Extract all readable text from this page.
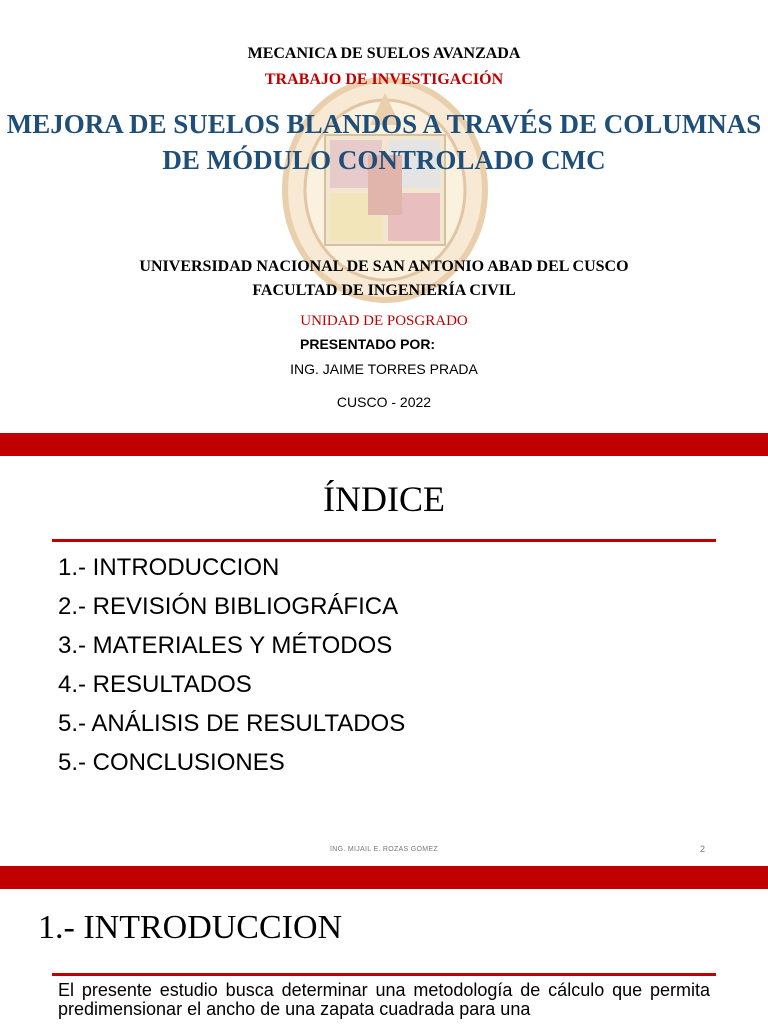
MECANICA DE SUELOS AVANZADA
TRABAJO DE INVESTIGACIÓN
MEJORA DE SUELOS BLANDOS A TRAVÉS DE COLUMNAS
DE MÓDULO CONTROLADO CMC
UNIVERSIDAD NACIONAL DE SAN ANTONIO ABAD DEL CUSCO
FACULTAD DE INGENIERÍA CIVIL
UNIDAD DE POSGRADO
PRESENTADO POR:
ING. JAIME TORRES PRADA
CUSCO - 2022
ÍNDICE
1.- INTRODUCCION
2.- REVISIÓN BIBLIOGRÁFICA
3.- MATERIALES Y MÉTODOS
4.- RESULTADOS
5.- ANÁLISIS DE RESULTADOS
5.- CONCLUSIONES
ING. MIJAIL E. ROZAS GOMEZ	2
1.- INTRODUCCION

El presente estudio busca determinar una metodología de cálculo que permita predimensionar el ancho de una zapata cuadrada para una
